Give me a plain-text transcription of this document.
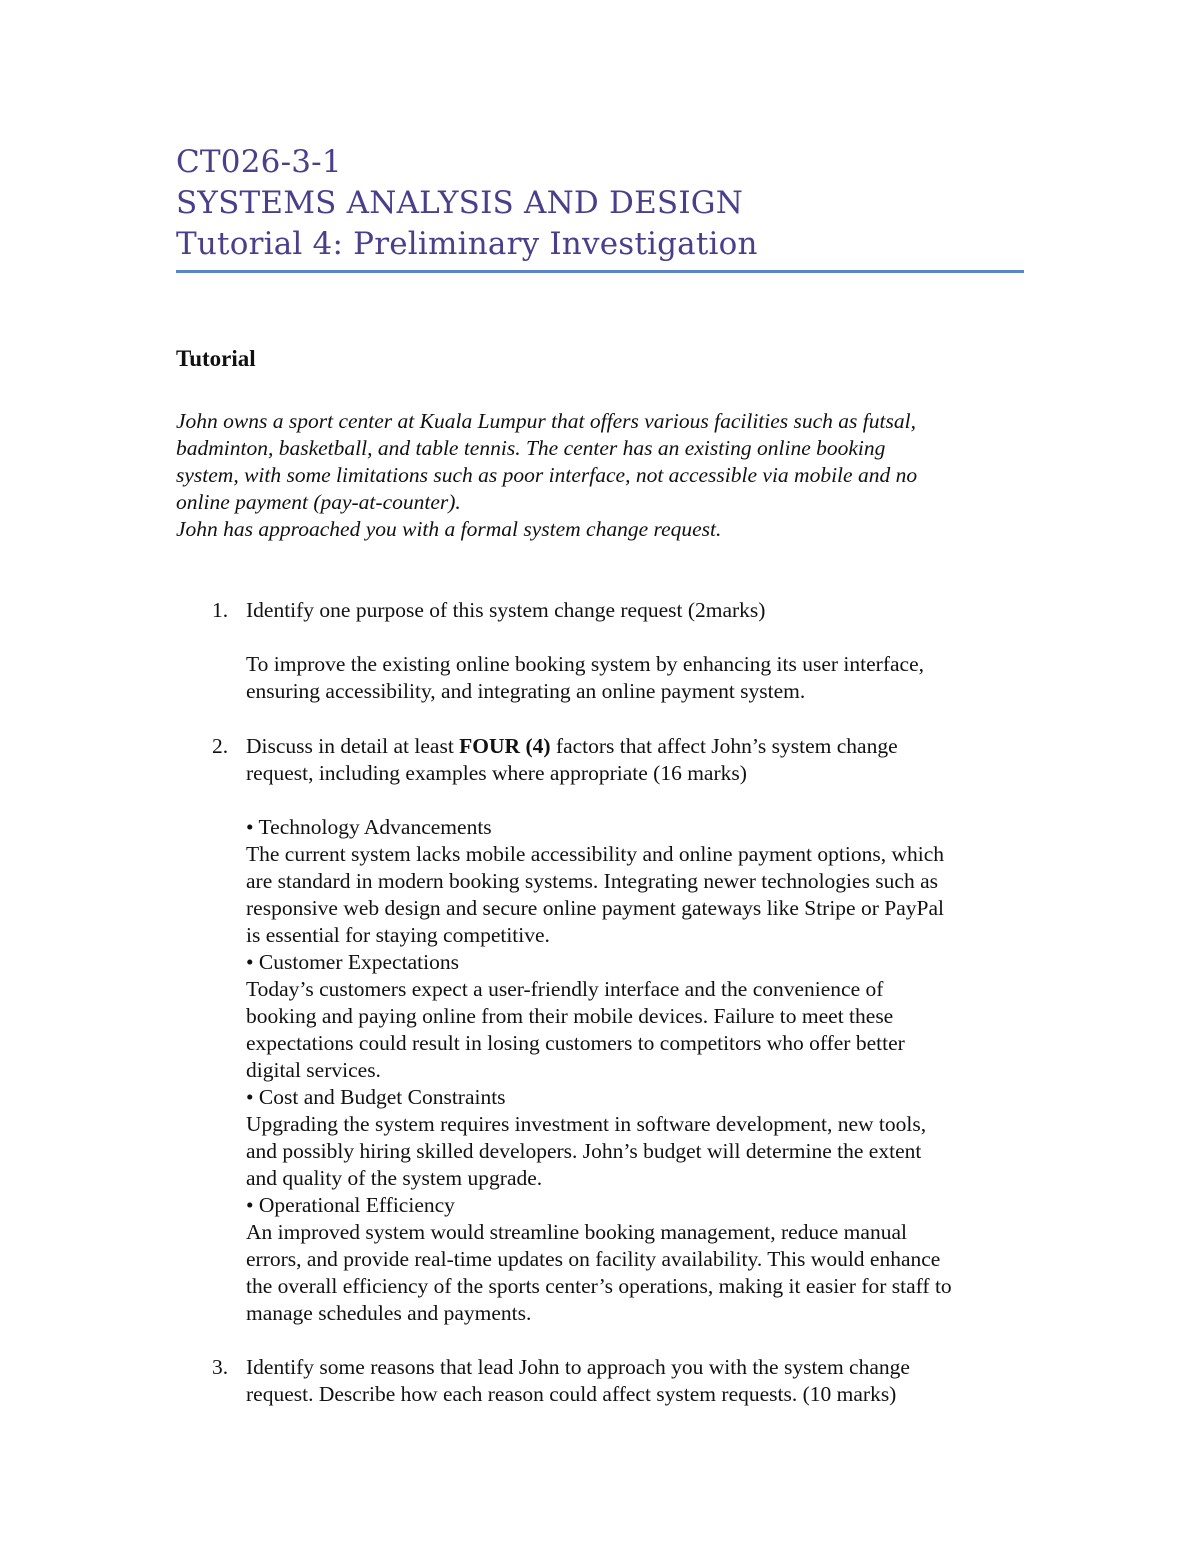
CT026-3-1
SYSTEMS ANALYSIS AND DESIGN
Tutorial 4: Preliminary Investigation
Tutorial

John owns a sport center at Kuala Lumpur that offers various facilities such as futsal,

badminton, basketball, and table tennis. The center has an existing online booking

system, with some limitations such as poor interface, not accessible via mobile and no

online payment (pay-at-counter).

John has approached you with a formal system change request.

1. Identify one purpose of this system change request (2marks)

To improve the existing online booking system by enhancing its user interface,

ensuring accessibility, and integrating an online payment system.

2. Discuss in detail at least FOUR (4) factors that affect John’s system change

request, including examples where appropriate (16 marks)

• Technology Advancements

The current system lacks mobile accessibility and online payment options, which

are standard in modern booking systems. Integrating newer technologies such as

responsive web design and secure online payment gateways like Stripe or PayPal

is essential for staying competitive.

• Customer Expectations

Today’s customers expect a user-friendly interface and the convenience of

booking and paying online from their mobile devices. Failure to meet these

expectations could result in losing customers to competitors who offer better

digital services.

• Cost and Budget Constraints

Upgrading the system requires investment in software development, new tools,

and possibly hiring skilled developers. John’s budget will determine the extent

and quality of the system upgrade.

• Operational Efficiency

An improved system would streamline booking management, reduce manual

errors, and provide real-time updates on facility availability. This would enhance

the overall efficiency of the sports center’s operations, making it easier for staff to

manage schedules and payments.

3. Identify some reasons that lead John to approach you with the system change

request. Describe how each reason could affect system requests. (10 marks)
